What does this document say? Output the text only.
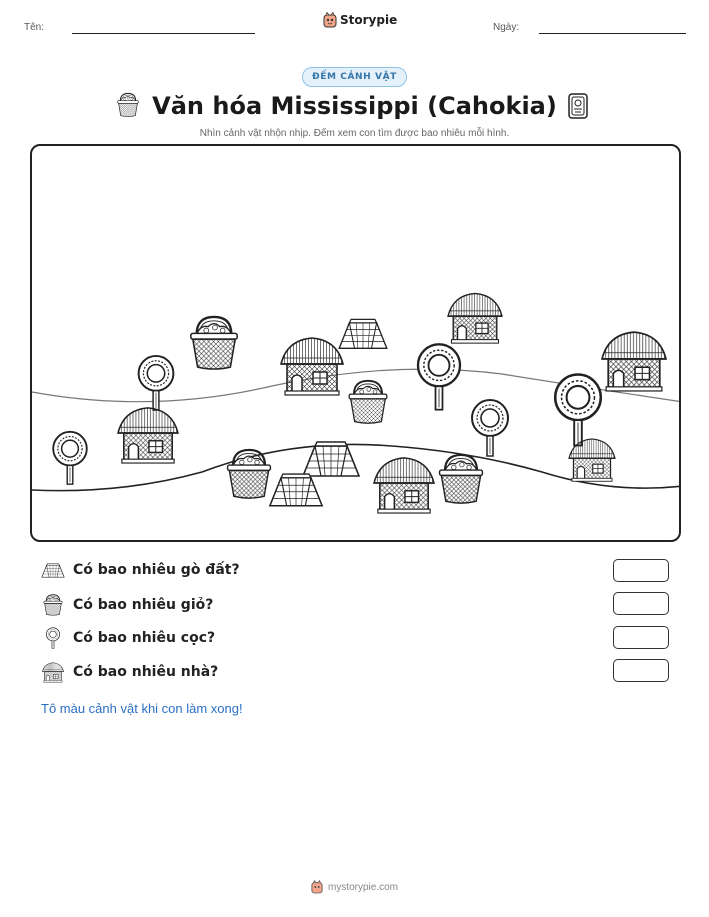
Tên:
Storypie
Ngày:
ĐẾM CẢNH VẬT
Văn hóa Mississippi (Cahokia)
Nhìn cảnh vật nhộn nhịp. Đếm xem con tìm được bao nhiêu mỗi hình.
Có bao nhiêu gò đất?
Có bao nhiêu giỏ?
Có bao nhiêu cọc?
Có bao nhiêu nhà?
Tô màu cảnh vật khi con làm xong!
mystorypie.com
